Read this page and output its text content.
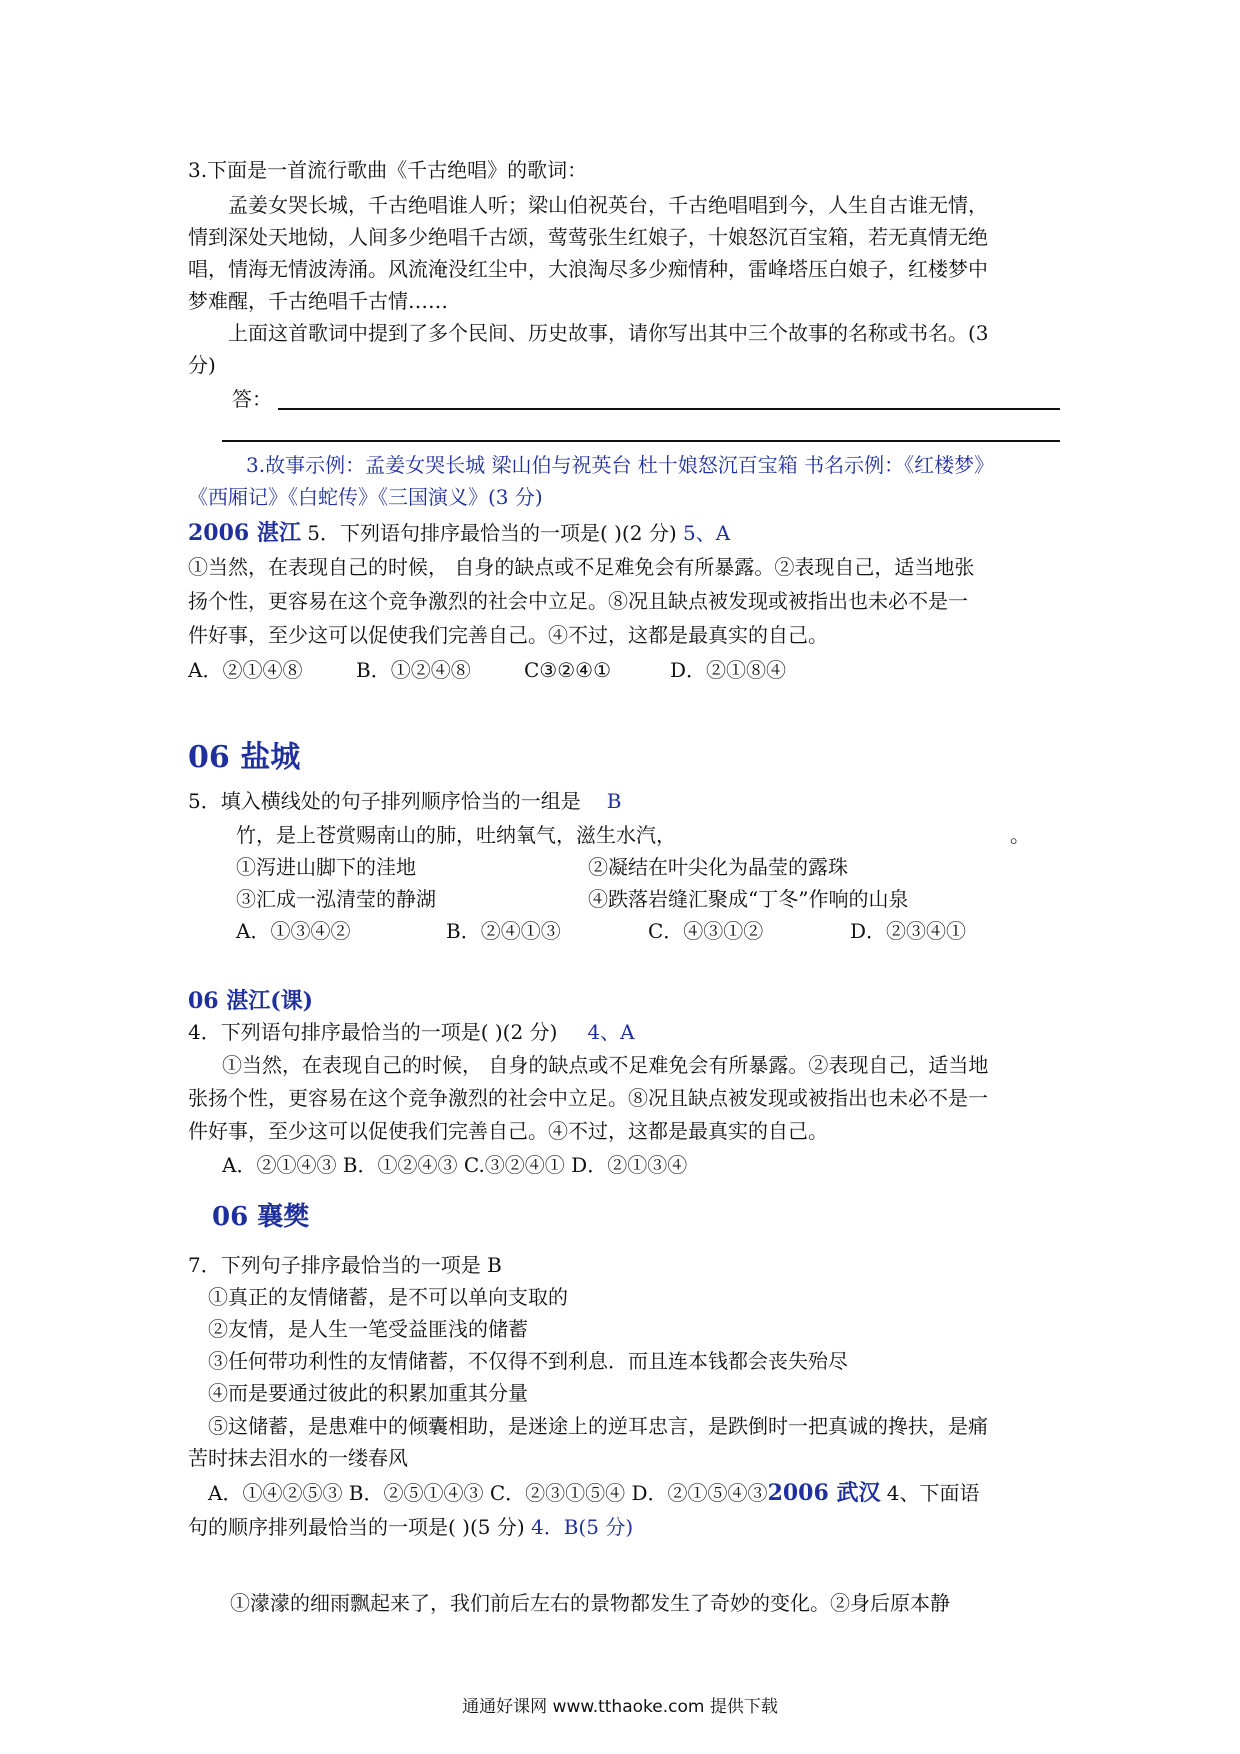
3.下面是一首流行歌曲《千古绝唱》的歌词：
孟姜女哭长城，千古绝唱谁人听；梁山伯祝英台，千古绝唱唱到今，人生自古谁无情，
情到深处天地恸，人间多少绝唱千古颂，莺莺张生红娘子，十娘怒沉百宝箱，若无真情无绝
唱，情海无情波涛涌。风流淹没红尘中，大浪淘尽多少痴情种，雷峰塔压白娘子，红楼梦中
梦难醒，千古绝唱千古情……
上面这首歌词中提到了多个民间、历史故事，请你写出其中三个故事的名称或书名。(3
分)
答：
3.故事示例：孟姜女哭长城 梁山伯与祝英台 杜十娘怒沉百宝箱 书名示例：《红楼梦》
《西厢记》《白蛇传》《三国演义》(3 分)
2006 湛江 5．下列语句排序最恰当的一项是( )(2 分) 5、A
①当然，在表现自己的时候， 自身的缺点或不足难免会有所暴露。②表现自己，适当地张
扬个性，更容易在这个竞争激烈的社会中立足。⑧况且缺点被发现或被指出也未必不是一
件好事，至少这可以促使我们完善自己。④不过，这都是最真实的自己。
A．②①④⑧	B．①②④⑧	C③②④①	D．②①⑧④
06 盐城
5．填入横线处的句子排列顺序恰当的一组是 B
竹，是上苍赏赐南山的肺，吐纳氧气，滋生水汽，	。
①泻进山脚下的洼地	②凝结在叶尖化为晶莹的露珠
③汇成一泓清莹的静湖	④跌落岩缝汇聚成“丁冬”作响的山泉
A．①③④②	B．②④①③	C．④③①②	D．②③④①
06 湛江(课)
4．下列语句排序最恰当的一项是( )(2 分) 4、A
①当然，在表现自己的时候， 自身的缺点或不足难免会有所暴露。②表现自己，适当地
张扬个性，更容易在这个竞争激烈的社会中立足。⑧况且缺点被发现或被指出也未必不是一
件好事，至少这可以促使我们完善自己。④不过，这都是最真实的自己。
A．②①④③ B．①②④③ C.③②④① D．②①③④
06 襄樊
7．下列句子排序最恰当的一项是 B
①真正的友情储蓄，是不可以单向支取的
②友情，是人生一笔受益匪浅的储蓄
③任何带功利性的友情储蓄，不仅得不到利息．而且连本钱都会丧失殆尽
④而是要通过彼此的积累加重其分量
⑤这储蓄，是患难中的倾囊相助，是迷途上的逆耳忠言，是跌倒时一把真诚的搀扶，是痛
苦时抹去泪水的一缕春风
A．①④②⑤③ B．②⑤①④③ C．②③①⑤④ D．②①⑤④③2006 武汉 4、下面语
句的顺序排列最恰当的一项是( )(5 分) 4．B(5 分)
①濛濛的细雨飘起来了，我们前后左右的景物都发生了奇妙的变化。②身后原本静
通通好课网 www.tthaoke.com 提供下载
